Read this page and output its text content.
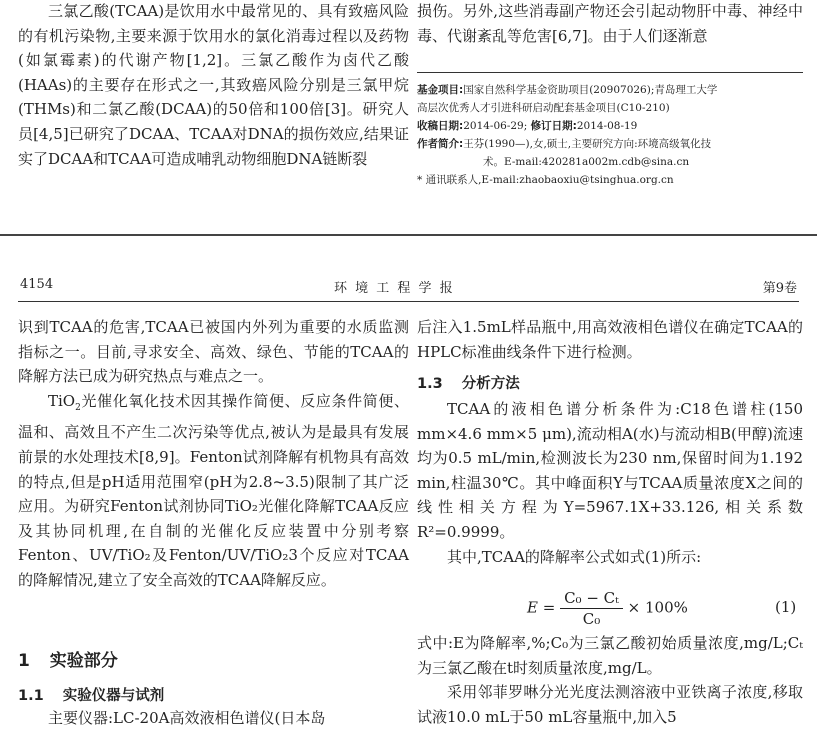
三氯乙酸(TCAA)是饮用水中最常见的、具有致癌风险的有机污染物,主要来源于饮用水的氯化消毒过程以及药物(如氯霉素)的代谢产物[1,2]。三氯乙酸作为卤代乙酸(HAAs)的主要存在形式之一,其致癌风险分别是三氯甲烷(THMs)和二氯乙酸(DCAA)的50倍和100倍[3]。研究人员[4,5]已研究了DCAA、TCAA对DNA的损伤效应,结果证实了DCAA和TCAA可造成哺乳动物细胞DNA链断裂

损伤。另外,这些消毒副产物还会引起动物肝中毒、神经中毒、代谢紊乱等危害[6,7]。由于人们逐渐意

基金项目:国家自然科学基金资助项目(20907026);青岛理工大学

高层次优秀人才引进科研启动配套基金项目(C10-210)

收稿日期:2014-06-29; 修订日期:2014-08-19

作者简介:王芬(1990—),女,硕士,主要研究方向:环境高级氧化技

术。E-mail:420281a002m.cdb@sina.cn

* 通讯联系人,E-mail:zhaobaoxiu@tsinghua.org.cn

4154	环 境 工 程 学 报	第9卷

识到TCAA的危害,TCAA已被国内外列为重要的水质监测指标之一。目前,寻求安全、高效、绿色、节能的TCAA的降解方法已成为研究热点与难点之一。

TiO$_2$光催化氧化技术因其操作简便、反应条件简便、温和、高效且不产生二次污染等优点,被认为是最具有发展前景的水处理技术[8,9]。Fenton试剂降解有机物具有高效的特点,但是pH适用范围窄(pH为2.8~3.5)限制了其广泛应用。为研究Fenton试剂协同TiO₂光催化降解TCAA反应及其协同机理,在自制的光催化反应装置中分别考察Fenton、UV/TiO₂及Fenton/UV/TiO₂3个反应对TCAA的降解情况,建立了安全高效的TCAA降解反应。

1 实验部分
1.1 实验仪器与试剂

主要仪器:LC-20A高效液相色谱仪(日本岛

后注入1.5mL样品瓶中,用高效液相色谱仪在确定TCAA的HPLC标准曲线条件下进行检测。

1.3 分析方法

TCAA的液相色谱分析条件为:C18色谱柱(150 mm×4.6 mm×5 μm),流动相A(水)与流动相B(甲醇)流速均为0.5 mL/min,检测波长为230 nm,保留时间为1.192 min,柱温30℃。其中峰面积Y与TCAA质量浓度X之间的线性相关方程为Y=5967.1X+33.126,相关系数R²=0.9999。

其中,TCAA的降解率公式如式(1)所示:

$E = \frac{\text{C₀ − Cₜ}}{\text{C₀}} \times 100\%$	(1)

式中:E为降解率,%;C₀为三氯乙酸初始质量浓度,mg/L;Cₜ为三氯乙酸在t时刻质量浓度,mg/L。

采用邻菲罗啉分光光度法测溶液中亚铁离子浓度,移取试液10.0 mL于50 mL容量瓶中,加入5
